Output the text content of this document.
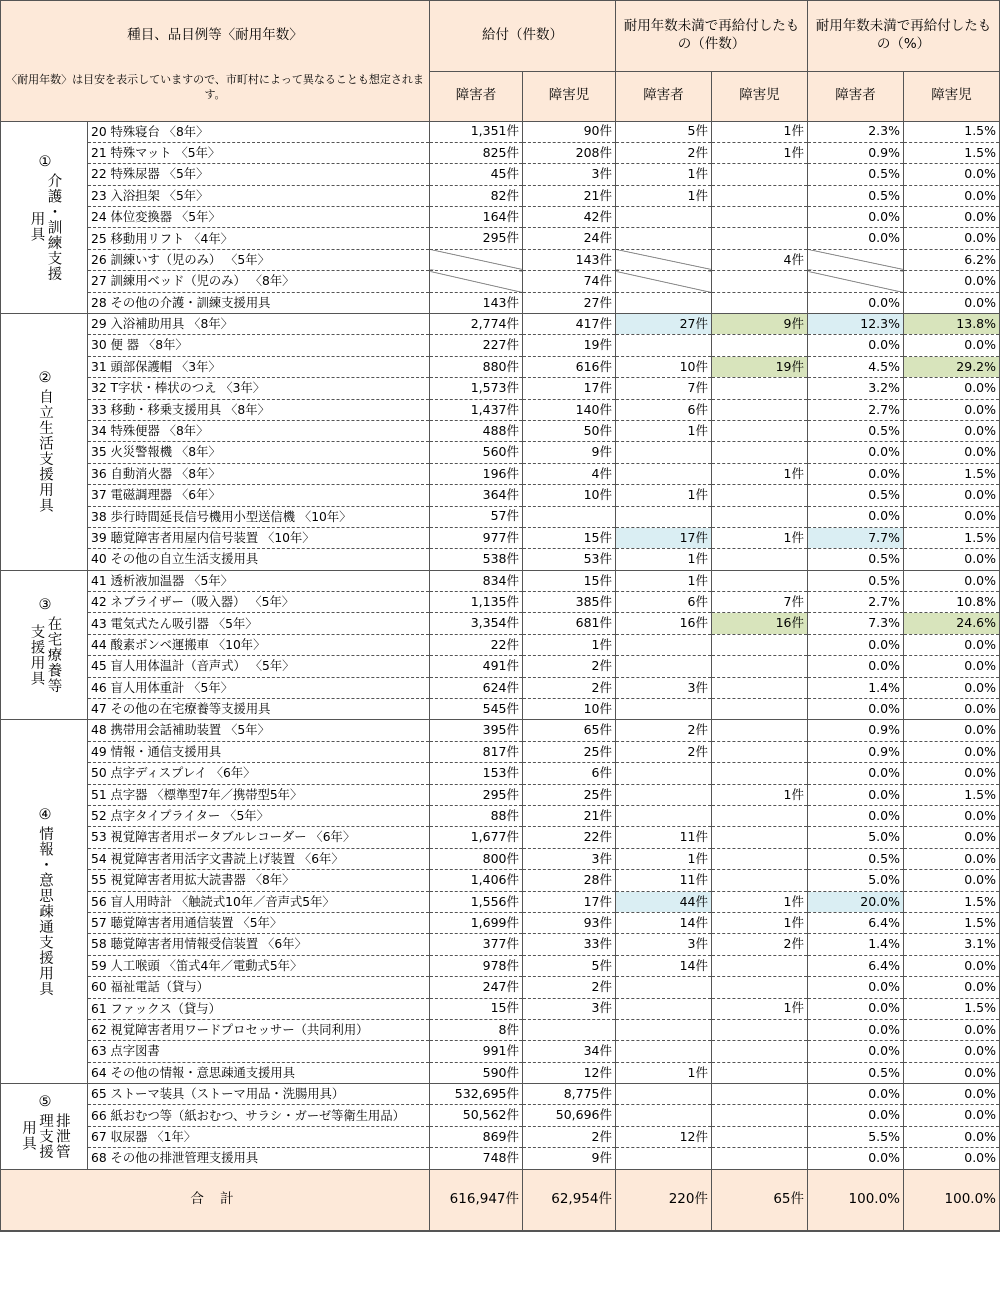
種目、品目例等〈耐用年数〉		給付（件数）		耐用年数未満で再給付したもの（件数）		耐用年数未満で再給付したもの（%）	
〈耐用年数〉は目安を表示していますので、市町村によって異なることも想定されます。		障害者	障害児	障害者	障害児	障害者	障害児

①
介護・訓練支援
用具	20 特殊寝台 〈8年〉	1,351件	90件	5件	1件	2.3%	1.5%
	21 特殊マット 〈5年〉	825件	208件	2件	1件	0.9%	1.5%
	22 特殊尿器 〈5年〉	45件	3件	1件		0.5%	0.0%
	23 入浴担架 〈5年〉	82件	21件	1件		0.5%	0.0%
	24 体位変換器 〈5年〉	164件	42件			0.0%	0.0%
	25 移動用リフト 〈4年〉	295件	24件			0.0%	0.0%
	26 訓練いす（児のみ） 〈5年〉		143件		4件		6.2%
	27 訓練用ベッド（児のみ） 〈8年〉		74件				0.0%
	28 その他の介護・訓練支援用具	143件	27件			0.0%	0.0%

②
自立生活支援用具	29 入浴補助用具 〈8年〉	2,774件	417件	27件	9件	12.3%	13.8%
	30 便 器 〈8年〉	227件	19件			0.0%	0.0%
	31 頭部保護帽 〈3年〉	880件	616件	10件	19件	4.5%	29.2%
	32 T字状・棒状のつえ 〈3年〉	1,573件	17件	7件		3.2%	0.0%
	33 移動・移乗支援用具 〈8年〉	1,437件	140件	6件		2.7%	0.0%
	34 特殊便器 〈8年〉	488件	50件	1件		0.5%	0.0%
	35 火災警報機 〈8年〉	560件	9件			0.0%	0.0%
	36 自動消火器 〈8年〉	196件	4件		1件	0.0%	1.5%
	37 電磁調理器 〈6年〉	364件	10件	1件		0.5%	0.0%
	38 歩行時間延長信号機用小型送信機 〈10年〉	57件				0.0%	0.0%
	39 聴覚障害者用屋内信号装置 〈10年〉	977件	15件	17件	1件	7.7%	1.5%
	40 その他の自立生活支援用具	538件	53件	1件		0.5%	0.0%

③
在宅療養等
支援用具	41 透析液加温器 〈5年〉	834件	15件	1件		0.5%	0.0%
	42 ネブライザー（吸入器） 〈5年〉	1,135件	385件	6件	7件	2.7%	10.8%
	43 電気式たん吸引器 〈5年〉	3,354件	681件	16件	16件	7.3%	24.6%
	44 酸素ボンベ運搬車 〈10年〉	22件	1件			0.0%	0.0%
	45 盲人用体温計（音声式） 〈5年〉	491件	2件			0.0%	0.0%
	46 盲人用体重計 〈5年〉	624件	2件	3件		1.4%	0.0%
	47 その他の在宅療養等支援用具	545件	10件			0.0%	0.0%

④
情報・意思疎通支援用具	48 携帯用会話補助装置 〈5年〉	395件	65件	2件		0.9%	0.0%
	49 情報・通信支援用具	817件	25件	2件		0.9%	0.0%
	50 点字ディスプレイ 〈6年〉	153件	6件			0.0%	0.0%
	51 点字器 〈標準型7年／携帯型5年〉	295件	25件		1件	0.0%	1.5%
	52 点字タイプライター 〈5年〉	88件	21件			0.0%	0.0%
	53 視覚障害者用ポータブルレコーダー 〈6年〉	1,677件	22件	11件		5.0%	0.0%
	54 視覚障害者用活字文書読上げ装置 〈6年〉	800件	3件	1件		0.5%	0.0%
	55 視覚障害者用拡大読書器 〈8年〉	1,406件	28件	11件		5.0%	0.0%
	56 盲人用時計 〈触読式10年／音声式5年〉	1,556件	17件	44件	1件	20.0%	1.5%
	57 聴覚障害者用通信装置 〈5年〉	1,699件	93件	14件	1件	6.4%	1.5%
	58 聴覚障害者用情報受信装置 〈6年〉	377件	33件	3件	2件	1.4%	3.1%
	59 人工喉頭 〈笛式4年／電動式5年〉	978件	5件	14件		6.4%	0.0%
	60 福祉電話（貸与）	247件	2件			0.0%	0.0%
	61 ファックス（貸与）	15件	3件		1件	0.0%	1.5%
	62 視覚障害者用ワードプロセッサー（共同利用）	8件				0.0%	0.0%
	63 点字図書	991件	34件			0.0%	0.0%
	64 その他の情報・意思疎通支援用具	590件	12件	1件		0.5%	0.0%

⑤
排泄管
理支援
用具	65 ストーマ装具（ストーマ用品・洗腸用具）	532,695件	8,775件			0.0%	0.0%
	66 紙おむつ等（紙おむつ、サラシ・ガーゼ等衛生用品）	50,562件	50,696件			0.0%	0.0%
	67 収尿器 〈1年〉	869件	2件	12件		5.5%	0.0%
	68 その他の排泄管理支援用具	748件	9件			0.0%	0.0%
合 計		616,947件	62,954件	220件	65件	100.0%	100.0%
